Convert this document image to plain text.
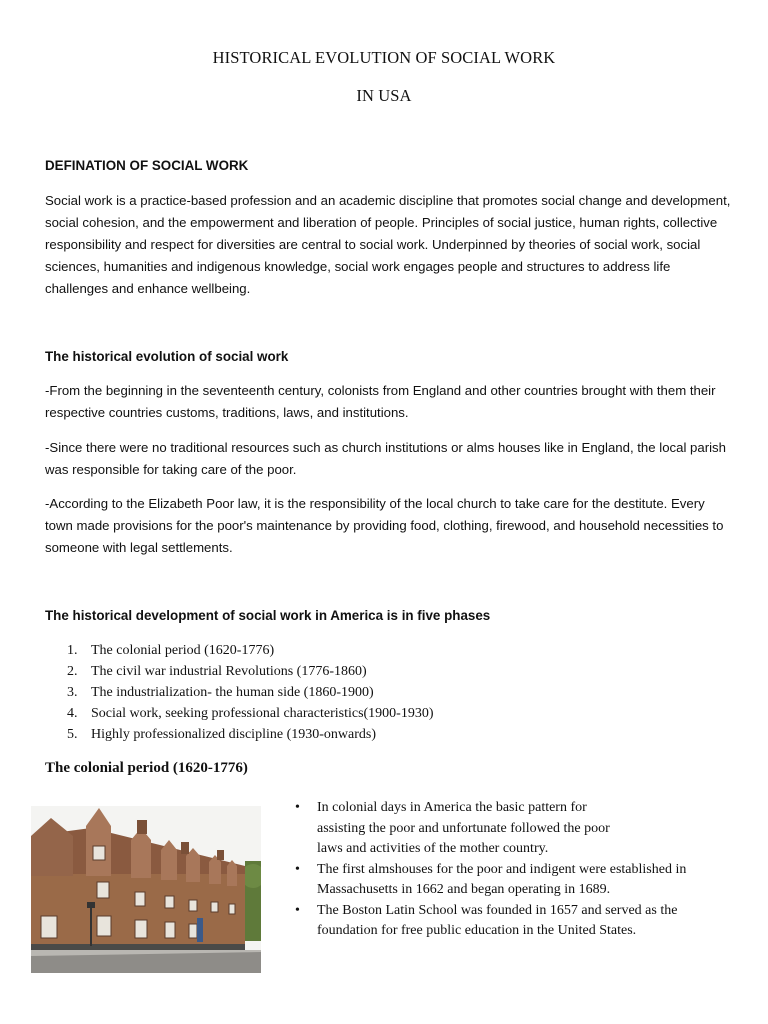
HISTORICAL EVOLUTION OF SOCIAL WORK
IN USA
DEFINATION OF SOCIAL WORK
Social work is a practice-based profession and an academic discipline that promotes social change and development, social cohesion, and the empowerment and liberation of people. Principles of social justice, human rights, collective responsibility and respect for diversities are central to social work. Underpinned by theories of social work, social sciences, humanities and indigenous knowledge, social work engages people and structures to address life challenges and enhance wellbeing.
The historical evolution of social work
-From the beginning in the seventeenth century, colonists from England and other countries brought with them their respective countries customs, traditions, laws, and institutions.
-Since there were no traditional resources such as church institutions or alms houses like in England, the local parish was responsible for taking care of the poor.
-According to the Elizabeth Poor law, it is the responsibility of the local church to take care for the destitute. Every town made provisions for the poor's maintenance by providing food, clothing, firewood, and household necessities to someone with legal settlements.
The historical development of social work in America is in five phases
1. The colonial period (1620-1776)
2. The civil war industrial Revolutions (1776-1860)
3. The industrialization- the human side (1860-1900)
4. Social work, seeking professional characteristics(1900-1930)
5. Highly professionalized discipline (1930-onwards)
The colonial period (1620-1776)
• In colonial days in America the basic pattern for assisting the poor and unfortunate followed the poor laws and activities of the mother country.
• The first almshouses for the poor and indigent were established in Massachusetts in 1662 and began operating in 1689.
• The Boston Latin School was founded in 1657 and served as the foundation for free public education in the United States.
